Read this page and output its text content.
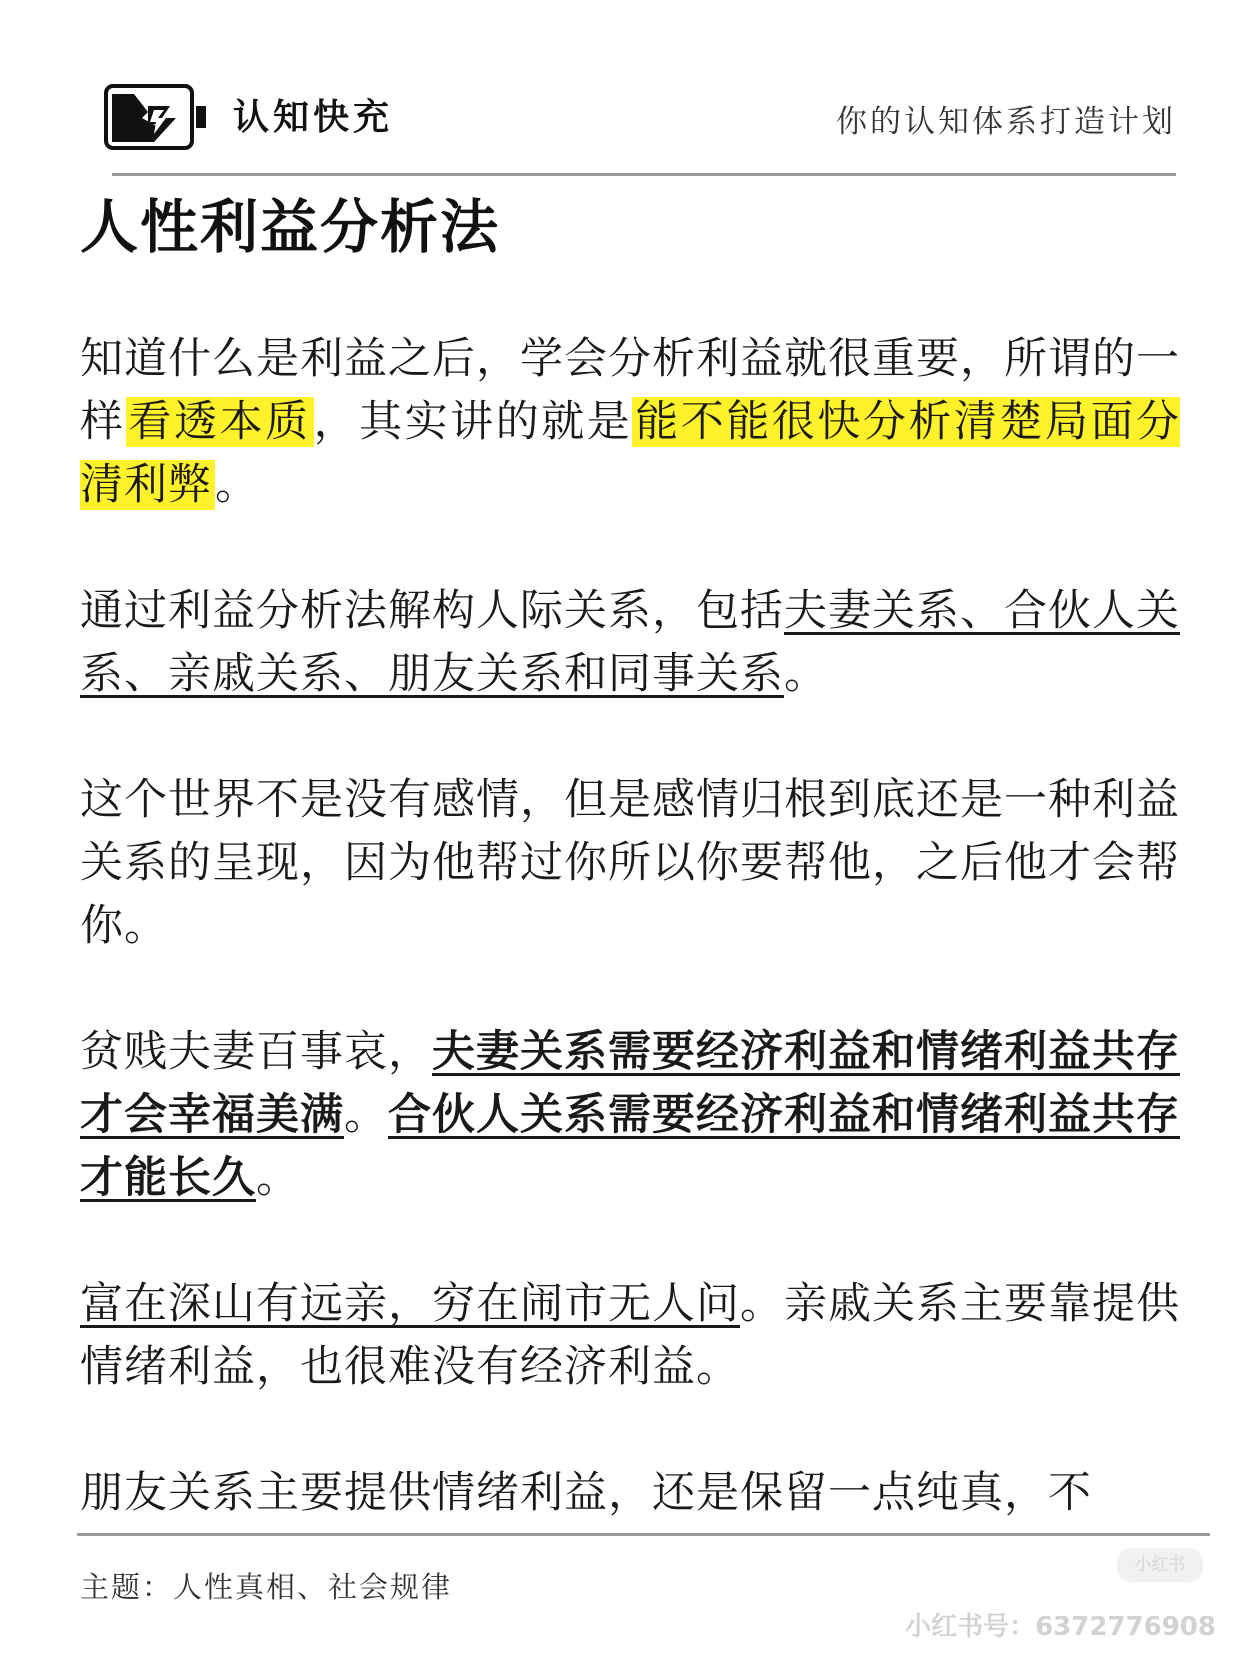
认知快充	你的认知体系打造计划
人性利益分析法

知道什么是利益之后，学会分析利益就很重要，所谓的一样看透本质，其实讲的就是能不能很快分析清楚局面分清利弊。

通过利益分析法解构人际关系，包括夫妻关系、合伙人关系、亲戚关系、朋友关系和同事关系。

这个世界不是没有感情，但是感情归根到底还是一种利益关系的呈现，因为他帮过你所以你要帮他，之后他才会帮你。

贫贱夫妻百事哀，夫妻关系需要经济利益和情绪利益共存才会幸福美满。合伙人关系需要经济利益和情绪利益共存才能长久。

富在深山有远亲，穷在闹市无人问。亲戚关系主要靠提供情绪利益，也很难没有经济利益。

朋友关系主要提供情绪利益，还是保留一点纯真，不

主题：人性真相、社会规律
小红书
小红书号：6372776908
